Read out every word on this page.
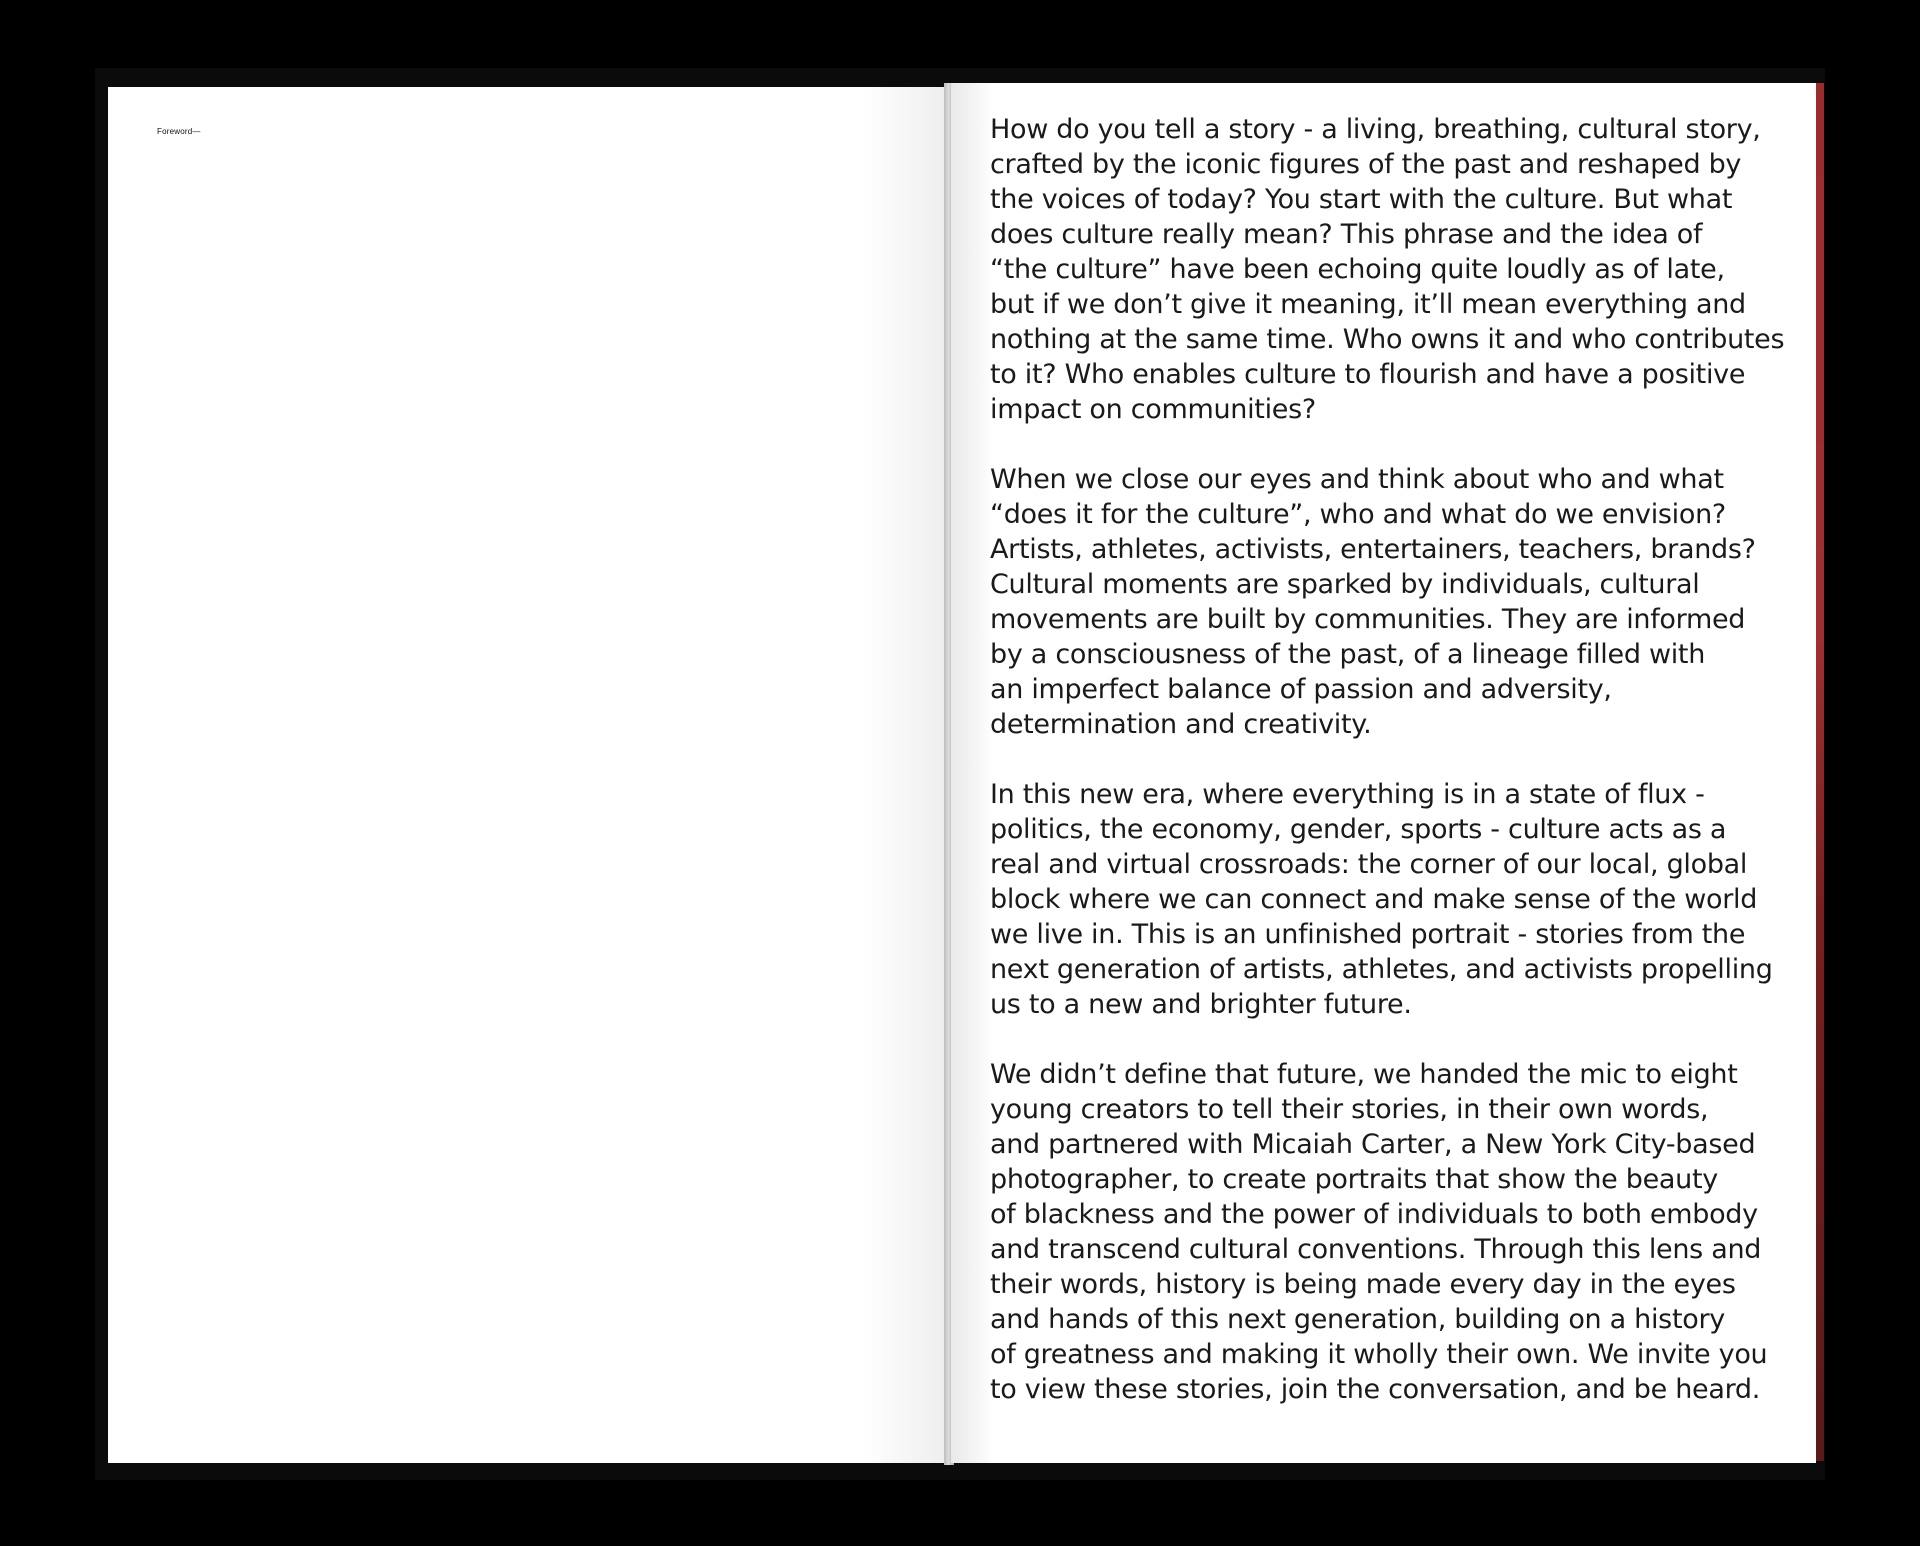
Foreword—	How do you tell a story - a living, breathing, cultural story,
crafted by the iconic figures of the past and reshaped by
the voices of today? You start with the culture. But what
does culture really mean? This phrase and the idea of
“the culture” have been echoing quite loudly as of late,
but if we don’t give it meaning, it’ll mean everything and
nothing at the same time. Who owns it and who contributes
to it? Who enables culture to flourish and have a positive
impact on communities?

When we close our eyes and think about who and what
“does it for the culture”, who and what do we envision?
Artists, athletes, activists, entertainers, teachers, brands?
Cultural moments are sparked by individuals, cultural
movements are built by communities. They are informed
by a consciousness of the past, of a lineage filled with
an imperfect balance of passion and adversity,
determination and creativity.

In this new era, where everything is in a state of flux -
politics, the economy, gender, sports - culture acts as a
real and virtual crossroads: the corner of our local, global
block where we can connect and make sense of the world
we live in. This is an unfinished portrait - stories from the
next generation of artists, athletes, and activists propelling
us to a new and brighter future.

We didn’t define that future, we handed the mic to eight
young creators to tell their stories, in their own words,
and partnered with Micaiah Carter, a New York City-based
photographer, to create portraits that show the beauty
of blackness and the power of individuals to both embody
and transcend cultural conventions. Through this lens and
their words, history is being made every day in the eyes
and hands of this next generation, building on a history
of greatness and making it wholly their own. We invite you
to view these stories, join the conversation, and be heard.
